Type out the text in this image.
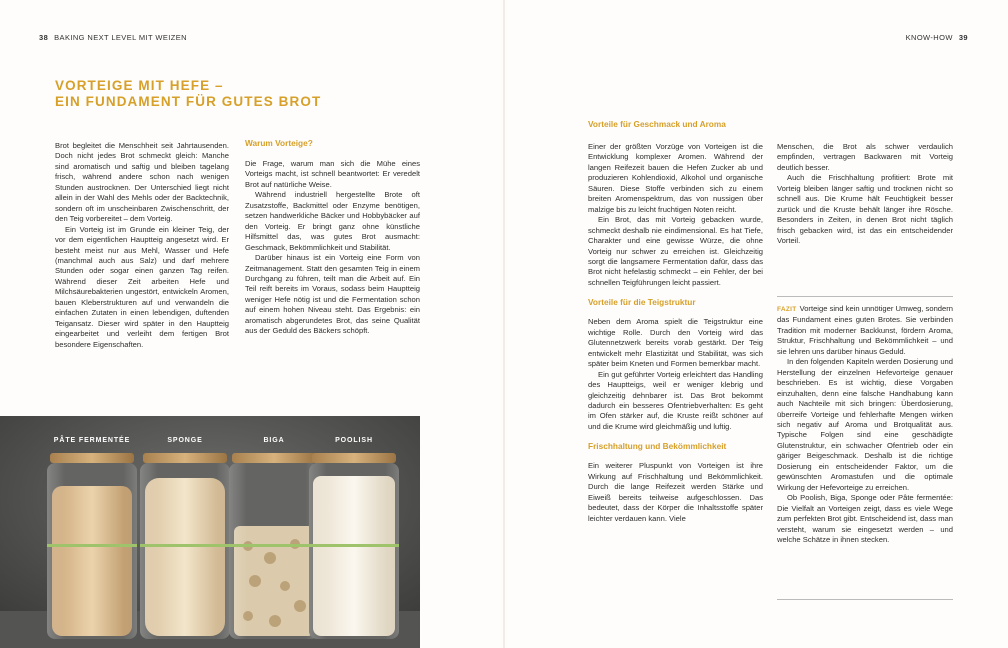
38 BAKING NEXT LEVEL MIT WEIZEN
VORTEIGE MIT HEFE –
EIN FUNDAMENT FÜR GUTES BROT

Brot begleitet die Menschheit seit Jahrtausenden. Doch nicht jedes Brot schmeckt gleich: Manche sind aromatisch und saftig und bleiben tagelang frisch, während andere schon nach wenigen Stunden austrocknen. Der Unterschied liegt nicht allein in der Wahl des Mehls oder der Backtechnik, sondern oft im unscheinbaren Zwischenschritt, der den Teig vorbereitet – dem Vorteig.

Ein Vorteig ist im Grunde ein kleiner Teig, der vor dem eigentlichen Hauptteig angesetzt wird. Er besteht meist nur aus Mehl, Wasser und Hefe (manchmal auch aus Salz) und darf mehrere Stunden oder sogar einen ganzen Tag reifen. Während dieser Zeit arbeiten Hefe und Milchsäurebakterien ungestört, entwickeln Aromen, bauen Kleberstrukturen auf und verwandeln die einfachen Zutaten in einen lebendigen, duftenden Teigansatz. Dieser wird später in den Hauptteig eingearbeitet und verleiht dem fertigen Brot besondere Eigenschaften.

Warum Vorteige?

Die Frage, warum man sich die Mühe eines Vorteigs macht, ist schnell beantwortet: Er veredelt Brot auf natürliche Weise.

Während industriell hergestellte Brote oft Zusatzstoffe, Backmittel oder Enzyme benötigen, setzen handwerkliche Bäcker und Hobbybäcker auf den Vorteig. Er bringt ganz ohne künstliche Hilfsmittel das, was gutes Brot ausmacht: Geschmack, Bekömmlichkeit und Stabilität.

Darüber hinaus ist ein Vorteig eine Form von Zeitmanagement. Statt den gesamten Teig in einem Durchgang zu führen, teilt man die Arbeit auf. Ein Teil reift bereits im Voraus, sodass beim Hauptteig weniger Hefe nötig ist und die Fermentation schon auf einem hohen Niveau steht. Das Ergebnis: ein aromatisch abgerundetes Brot, das seine Qualität aus der Geduld des Bäckers schöpft.

PÂTE FERMENTÉE	SPONGE	BIGA	POOLISH
KNOW-HOW 39
Vorteile für Geschmack und Aroma

Einer der größten Vorzüge von Vorteigen ist die Entwicklung komplexer Aromen. Während der langen Reifezeit bauen die Hefen Zucker ab und produzieren Kohlendioxid, Alkohol und organische Säuren. Diese Stoffe verbinden sich zu einem breiten Aromenspektrum, das von nussigen über malzige bis zu leicht fruchtigen Noten reicht.

Ein Brot, das mit Vorteig gebacken wurde, schmeckt deshalb nie eindimensional. Es hat Tiefe, Charakter und eine gewisse Würze, die ohne Vorteig nur schwer zu erreichen ist. Gleichzeitig sorgt die langsamere Fermentation dafür, dass das Brot nicht hefelastig schmeckt – ein Fehler, der bei schnellen Teigführungen leicht passiert.

Vorteile für die Teigstruktur

Neben dem Aroma spielt die Teigstruktur eine wichtige Rolle. Durch den Vorteig wird das Glutennetzwerk bereits vorab gestärkt. Der Teig entwickelt mehr Elastizität und Stabilität, was sich später beim Kneten und Formen bemerkbar macht.

Ein gut geführter Vorteig erleichtert das Handling des Hauptteigs, weil er weniger klebrig und gleichzeitig dehnbarer ist. Das Brot bekommt dadurch ein besseres Ofentriebverhalten: Es geht im Ofen stärker auf, die Kruste reißt schöner auf und die Krume wird gleichmäßig und luftig.

Frischhaltung und Bekömmlichkeit

Ein weiterer Pluspunkt von Vorteigen ist ihre Wirkung auf Frischhaltung und Bekömmlichkeit. Durch die lange Reifezeit werden Stärke und Eiweiß bereits teilweise aufgeschlossen. Das bedeutet, dass der Körper die Inhaltsstoffe später leichter verdauen kann. Viele

Menschen, die Brot als schwer verdaulich empfinden, vertragen Backwaren mit Vorteig deutlich besser.

Auch die Frischhaltung profitiert: Brote mit Vorteig bleiben länger saftig und trocknen nicht so schnell aus. Die Krume hält Feuchtigkeit besser zurück und die Kruste behält länger ihre Rösche. Besonders in Zeiten, in denen Brot nicht täglich frisch gebacken wird, ist das ein entscheidender Vorteil.

FAZIT Vorteige sind kein unnötiger Umweg, sondern das Fundament eines guten Brotes. Sie verbinden Tradition mit moderner Backkunst, fördern Aroma, Struktur, Frischhaltung und Bekömmlichkeit – und sie lehren uns darüber hinaus Geduld.

In den folgenden Kapiteln werden Dosierung und Herstellung der einzelnen Hefevorteige genauer beschrieben. Es ist wichtig, diese Vorgaben einzuhalten, denn eine falsche Handhabung kann auch Nachteile mit sich bringen: Überdosierung, überreife Vorteige und fehlerhafte Mengen wirken sich negativ auf Aroma und Brotqualität aus. Typische Folgen sind eine geschädigte Glutenstruktur, ein schwacher Ofentrieb oder ein gäriger Beigeschmack. Deshalb ist die richtige Dosierung ein entscheidender Faktor, um die gewünschten Aromastufen und die optimale Wirkung der Hefevorteige zu erreichen.

Ob Poolish, Biga, Sponge oder Pâte fermentée: Die Vielfalt an Vorteigen zeigt, dass es viele Wege zum perfekten Brot gibt. Entscheidend ist, dass man versteht, warum sie eingesetzt werden – und welche Schätze in ihnen stecken.
